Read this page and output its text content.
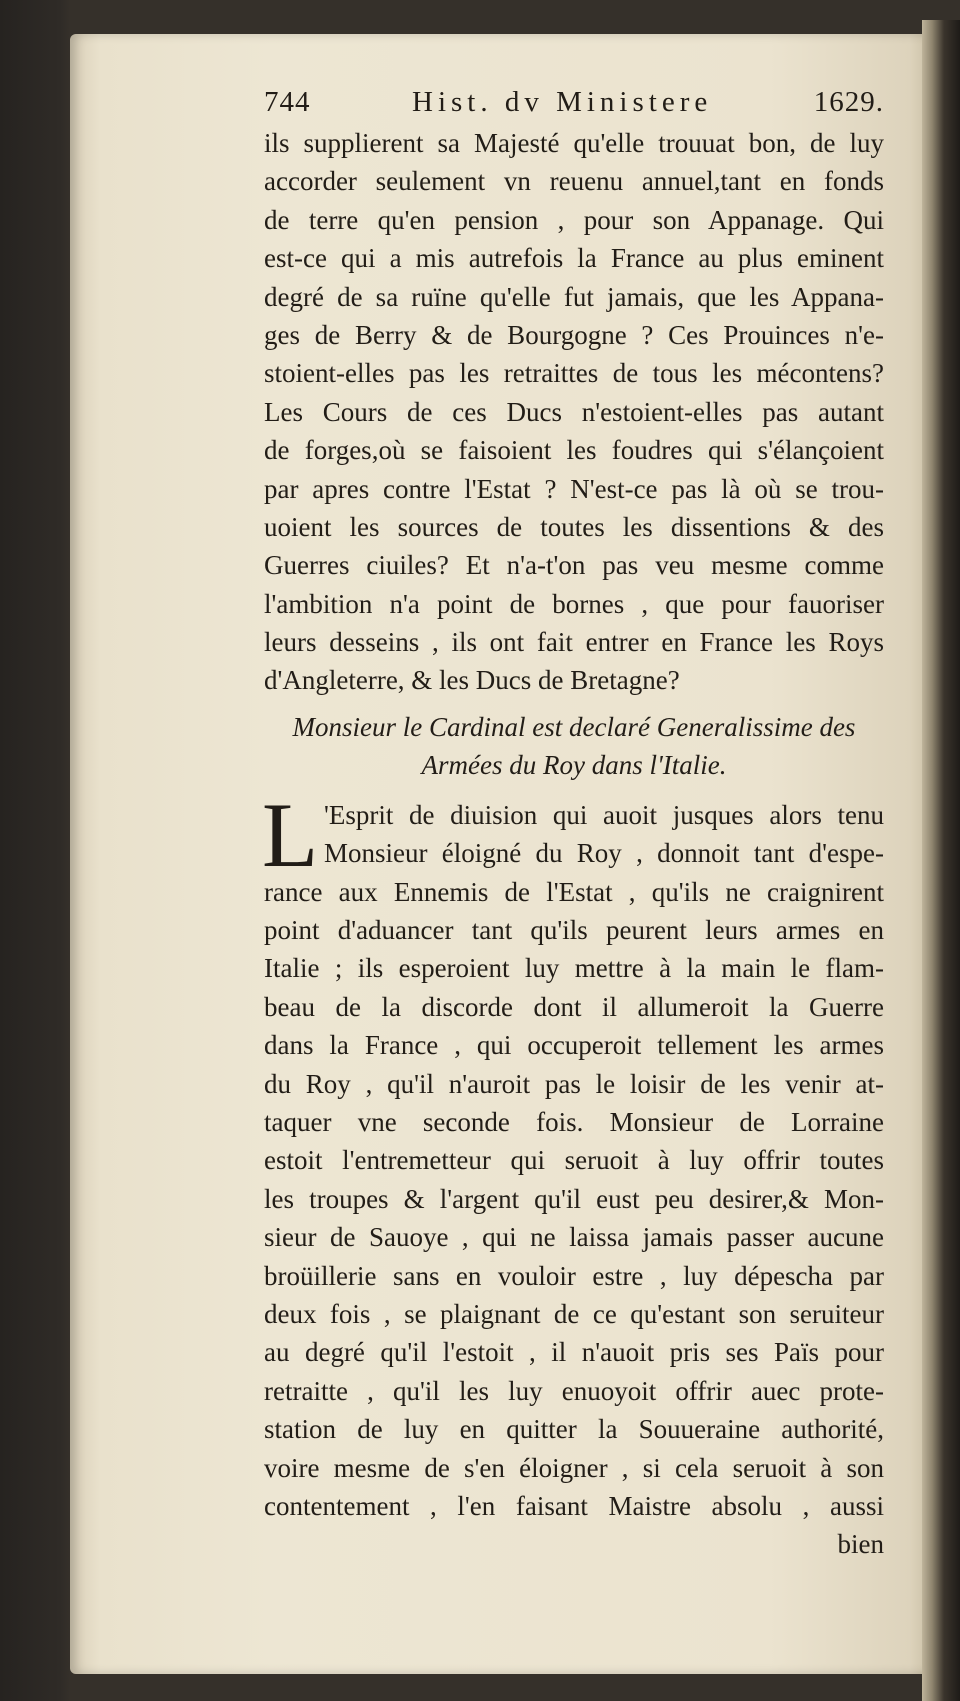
744	Hist. dv Ministere	1629.
ils supplierent sa Majesté qu'elle trouuat bon, de luy
accorder seulement vn reuenu annuel,tant en fonds
de terre qu'en pension , pour son Appanage. Qui
est-ce qui a mis autrefois la France au plus eminent
degré de sa ruïne qu'elle fut jamais, que les Appana-
ges de Berry & de Bourgogne ? Ces Prouinces n'e-
stoient-elles pas les retraittes de tous les mécontens?
Les Cours de ces Ducs n'estoient-elles pas autant
de forges,où se faisoient les foudres qui s'élançoient
par apres contre l'Estat ? N'est-ce pas là où se trou-
uoient les sources de toutes les dissentions & des
Guerres ciuiles? Et n'a-t'on pas veu mesme comme
l'ambition n'a point de bornes , que pour fauoriser
leurs desseins , ils ont fait entrer en France les Roys
d'Angleterre, & les Ducs de Bretagne?
Monsieur le Cardinal est declaré Generalissime des
Armées du Roy dans l'Italie.
L 'Esprit de diuision qui auoit jusques alors tenu
Monsieur éloigné du Roy , donnoit tant d'espe-
rance aux Ennemis de l'Estat , qu'ils ne craignirent
point d'aduancer tant qu'ils peurent leurs armes en
Italie ; ils esperoient luy mettre à la main le flam-
beau de la discorde dont il allumeroit la Guerre
dans la France , qui occuperoit tellement les armes
du Roy , qu'il n'auroit pas le loisir de les venir at-
taquer vne seconde fois. Monsieur de Lorraine
estoit l'entremetteur qui seruoit à luy offrir toutes
les troupes & l'argent qu'il eust peu desirer,& Mon-
sieur de Sauoye , qui ne laissa jamais passer aucune
broüillerie sans en vouloir estre , luy dépescha par
deux fois , se plaignant de ce qu'estant son seruiteur
au degré qu'il l'estoit , il n'auoit pris ses Païs pour
retraitte , qu'il les luy enuoyoit offrir auec prote-
station de luy en quitter la Souueraine authorité,
voire mesme de s'en éloigner , si cela seruoit à son
contentement , l'en faisant Maistre absolu , aussi
bien
